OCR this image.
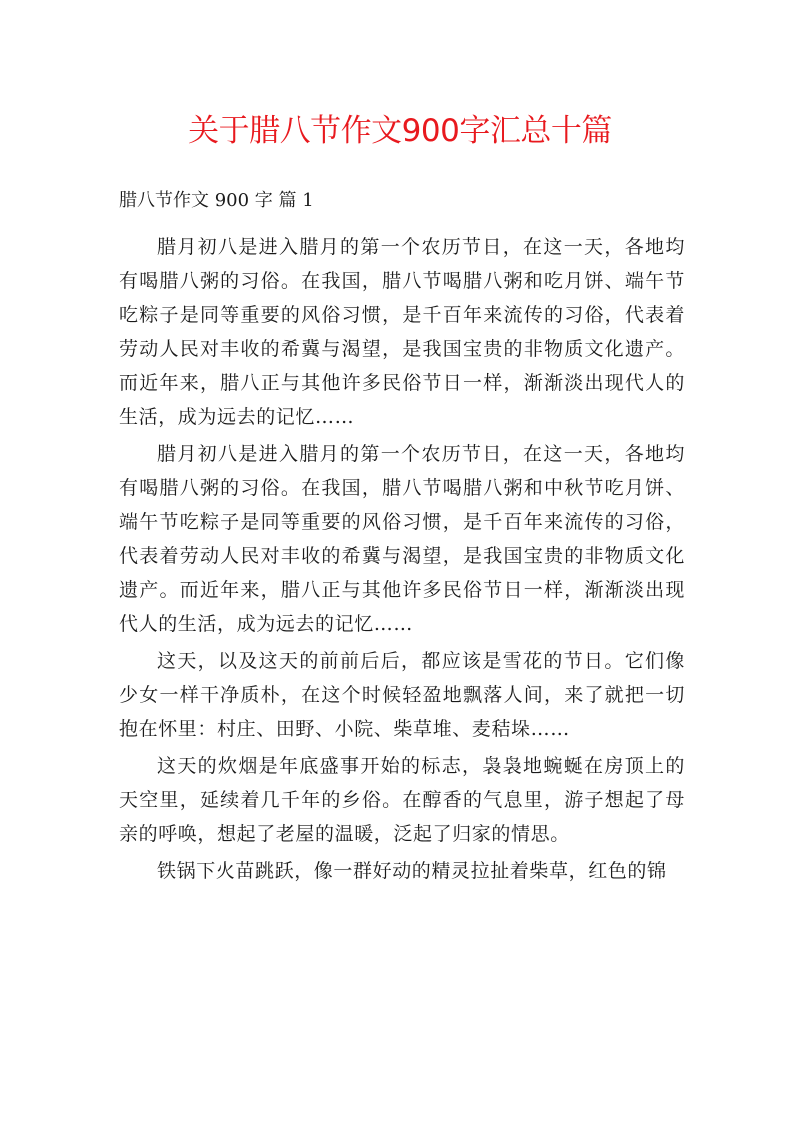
关于腊八节作文900字汇总十篇

腊八节作文 900 字 篇 1

腊月初八是进入腊月的第一个农历节日，在这一天，各地均有喝腊八粥的习俗。在我国，腊八节喝腊八粥和吃月饼、端午节吃粽子是同等重要的风俗习惯，是千百年来流传的习俗，代表着劳动人民对丰收的希冀与渴望，是我国宝贵的非物质文化遗产。而近年来，腊八正与其他许多民俗节日一样，渐渐淡出现代人的生活，成为远去的记忆……

腊月初八是进入腊月的第一个农历节日，在这一天，各地均有喝腊八粥的习俗。在我国，腊八节喝腊八粥和中秋节吃月饼、端午节吃粽子是同等重要的风俗习惯，是千百年来流传的习俗，代表着劳动人民对丰收的希冀与渴望，是我国宝贵的非物质文化遗产。而近年来，腊八正与其他许多民俗节日一样，渐渐淡出现代人的生活，成为远去的记忆……

这天，以及这天的前前后后，都应该是雪花的节日。它们像少女一样干净质朴，在这个时候轻盈地飘落人间，来了就把一切抱在怀里：村庄、田野、小院、柴草堆、麦秸垛……

这天的炊烟是年底盛事开始的标志，袅袅地蜿蜒在房顶上的天空里，延续着几千年的乡俗。在醇香的气息里，游子想起了母亲的呼唤，想起了老屋的温暖，泛起了归家的情思。

铁锅下火苗跳跃，像一群好动的精灵拉扯着柴草，红色的锦
